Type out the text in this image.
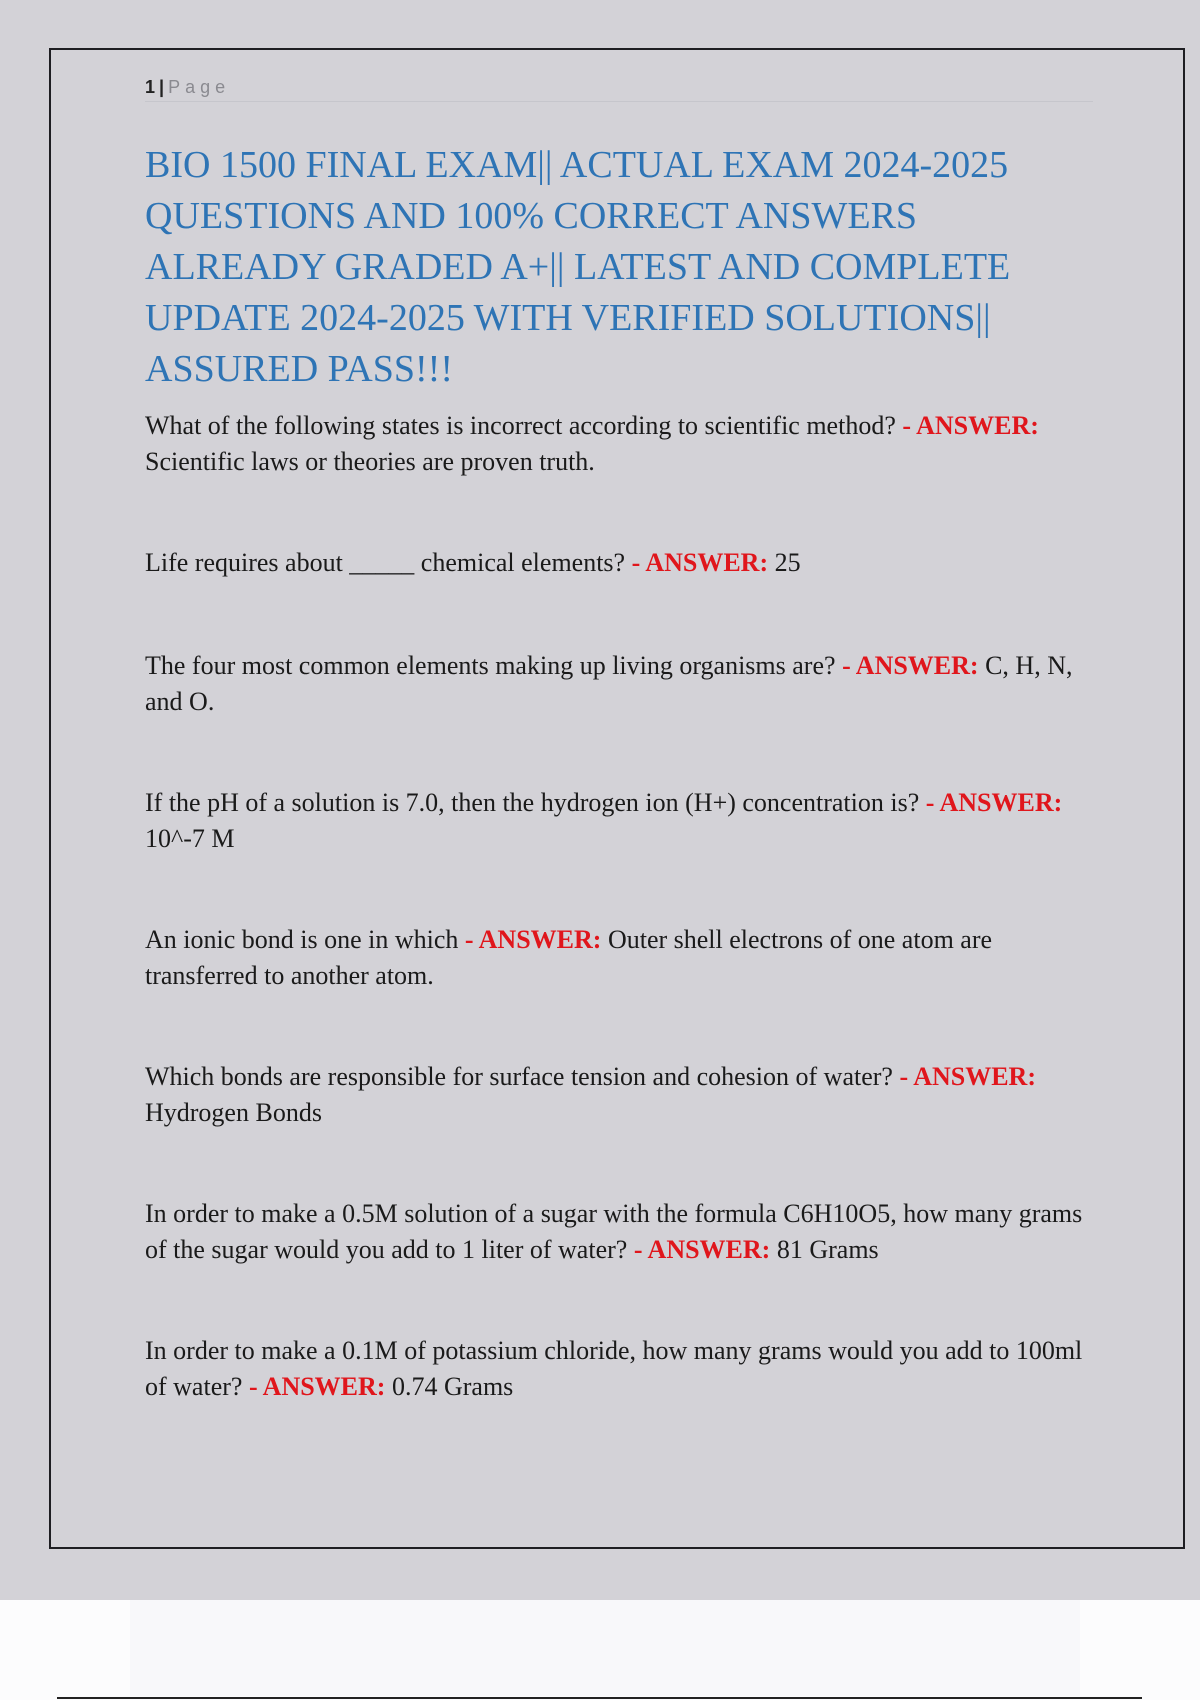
1 | Page
BIO 1500 FINAL EXAM|| ACTUAL EXAM 2024-2025 QUESTIONS AND 100% CORRECT ANSWERS ALREADY GRADED A+|| LATEST AND COMPLETE UPDATE 2024-2025 WITH VERIFIED SOLUTIONS|| ASSURED PASS!!!

What of the following states is incorrect according to scientific method? - ANSWER: Scientific laws or theories are proven truth.

Life requires about _____ chemical elements? - ANSWER: 25

The four most common elements making up living organisms are? - ANSWER: C, H, N, and O.

If the pH of a solution is 7.0, then the hydrogen ion (H+) concentration is? - ANSWER: 10^-7 M

An ionic bond is one in which - ANSWER: Outer shell electrons of one atom are transferred to another atom.

Which bonds are responsible for surface tension and cohesion of water? - ANSWER: Hydrogen Bonds

In order to make a 0.5M solution of a sugar with the formula C6H10O5, how many grams of the sugar would you add to 1 liter of water? - ANSWER: 81 Grams

In order to make a 0.1M of potassium chloride, how many grams would you add to 100ml of water? - ANSWER: 0.74 Grams
